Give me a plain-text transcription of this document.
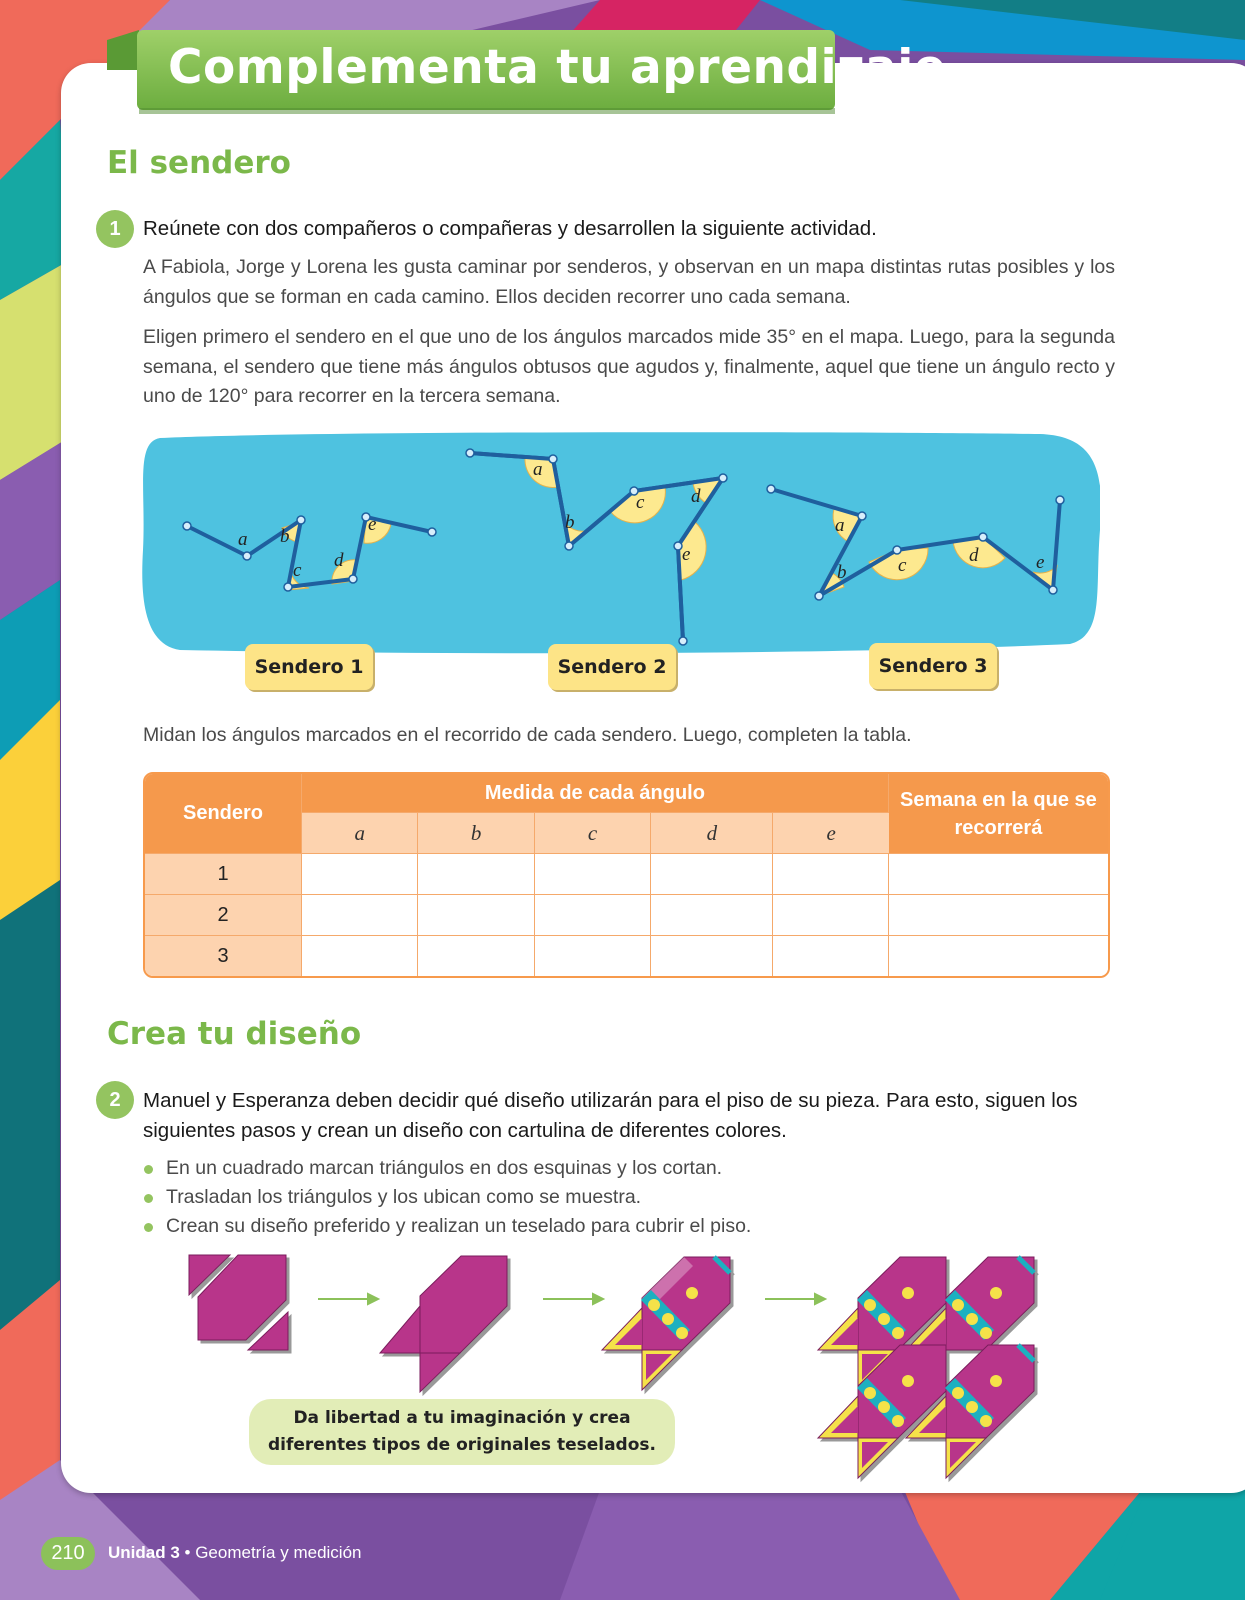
Complementa tu aprendizaje
El sendero
1	Reúnete con dos compañeros o compañeras y desarrollen la siguiente actividad.
A Fabiola, Jorge y Lorena les gusta caminar por senderos, y observan en un mapa distintas rutas posibles y los ángulos que se forman en cada camino. Ellos deciden recorrer uno cada semana.
Eligen primero el sendero en el que uno de los ángulos marcados mide 35° en el mapa. Luego, para la segunda semana, el sendero que tiene más ángulos obtusos que agudos y, finalmente, aquel que tiene un ángulo recto y uno de 120° para recorrer en la tercera semana.
a b
c d
e
a
b
c d
e
a
b	c	d	e
Sendero 1	Sendero 2	Sendero 3
Midan los ángulos marcados en el recorrido de cada sendero. Luego, completen la tabla.
Sendero	Medida de cada ángulo					Semana en la que se recorrerá
	a	b	c	d	e	
1						
2						
3						
Crea tu diseño
2	Manuel y Esperanza deben decidir qué diseño utilizarán para el piso de su pieza. Para esto, siguen los siguientes pasos y crean un diseño con cartulina de diferentes colores.
En un cuadrado marcan triángulos en dos esquinas y los cortan.
Trasladan los triángulos y los ubican como se muestra.
Crean su diseño preferido y realizan un teselado para cubrir el piso.
Da libertad a tu imaginación y crea diferentes tipos de originales teselados.
210	Unidad 3 • Geometría y medición
